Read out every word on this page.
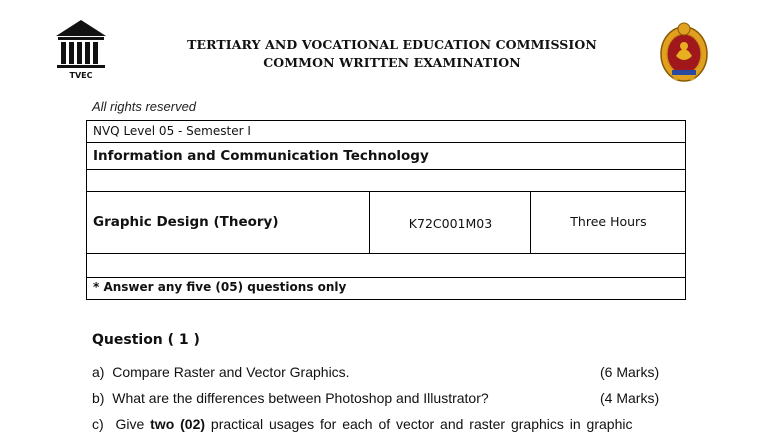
TVEC
TERTIARY AND VOCATIONAL EDUCATION COMMISSION
COMMON WRITTEN EXAMINATION
All rights reserved
NVQ Level 05 - Semester I
Information and Communication Technology
Graphic Design (Theory)	K72C001M03	Three Hours
* Answer any five (05) questions only
Question ( 1 )
a) Compare Raster and Vector Graphics.	(6 Marks)
b) What are the differences between Photoshop and Illustrator?	(4 Marks)
c) Give two (02) practical usages for each of vector and raster graphics in graphic
